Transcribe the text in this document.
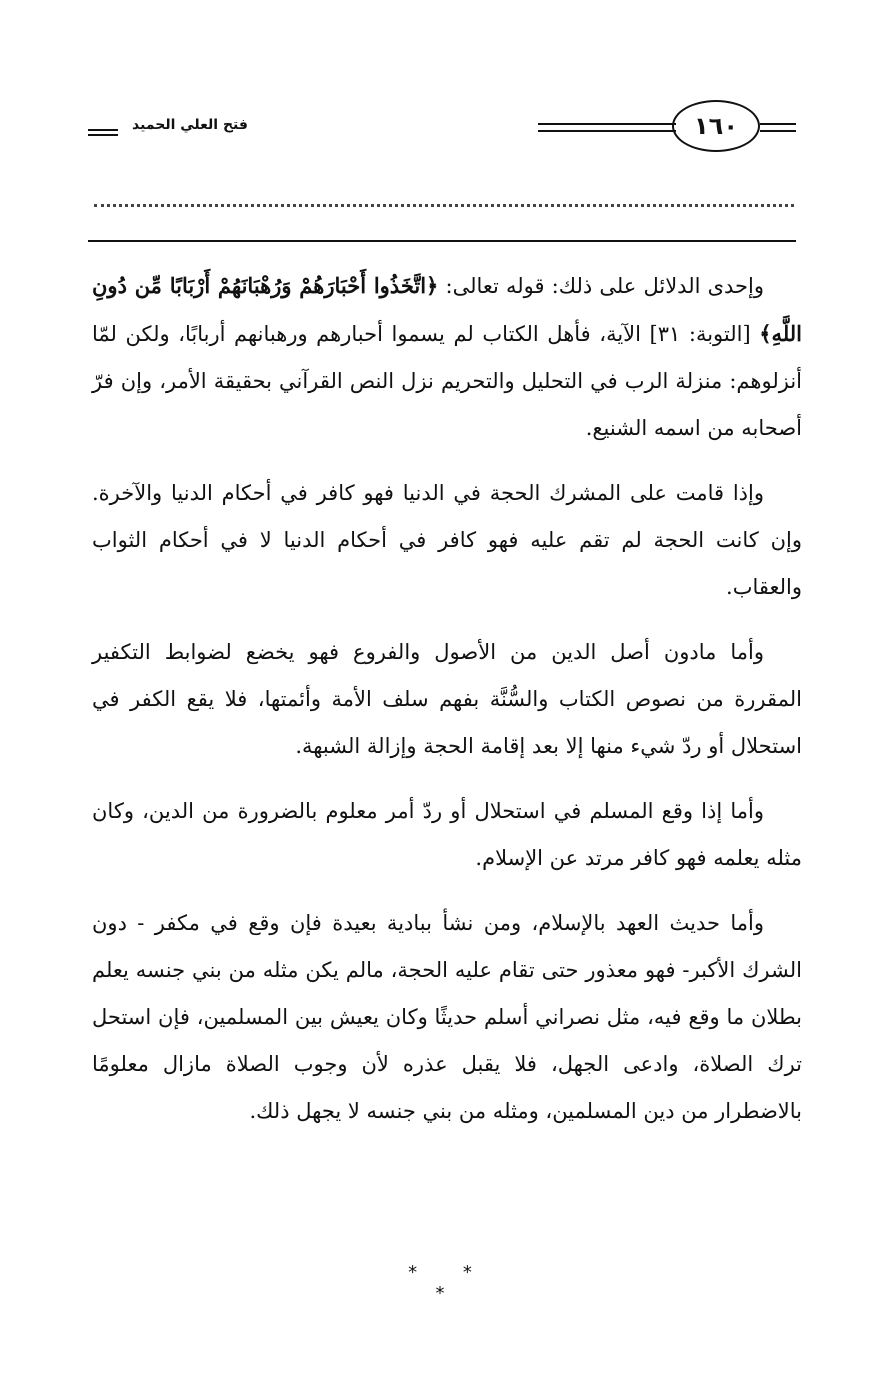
فتح العلي الحميد	١٦٠

وإحدى الدلائل على ذلك: قوله تعالى: ﴿اتَّخَذُوا أَحْبَارَهُمْ وَرُهْبَانَهُمْ أَرْبَابًا مِّن دُونِ اللَّهِ﴾ [التوبة: ٣١] الآية، فأهل الكتاب لم يسموا أحبارهم ورهبانهم أربابًا، ولكن لمّا أنزلوهم: منزلة الرب في التحليل والتحريم نزل النص القرآني بحقيقة الأمر، وإن فرّ أصحابه من اسمه الشنيع.

وإذا قامت على المشرك الحجة في الدنيا فهو كافر في أحكام الدنيا والآخرة. وإن كانت الحجة لم تقم عليه فهو كافر في أحكام الدنيا لا في أحكام الثواب والعقاب.

وأما مادون أصل الدين من الأصول والفروع فهو يخضع لضوابط التكفير المقررة من نصوص الكتاب والسُّنَّة بفهم سلف الأمة وأئمتها، فلا يقع الكفر في استحلال أو ردّ شيء منها إلا بعد إقامة الحجة وإزالة الشبهة.

وأما إذا وقع المسلم في استحلال أو ردّ أمر معلوم بالضرورة من الدين، وكان مثله يعلمه فهو كافر مرتد عن الإسلام.

وأما حديث العهد بالإسلام، ومن نشأ ببادية بعيدة فإن وقع في مكفر - دون الشرك الأكبر- فهو معذور حتى تقام عليه الحجة، مالم يكن مثله من بني جنسه يعلم بطلان ما وقع فيه، مثل نصراني أسلم حديثًا وكان يعيش بين المسلمين، فإن استحل ترك الصلاة، وادعى الجهل، فلا يقبل عذره لأن وجوب الصلاة مازال معلومًا بالاضطرار من دين المسلمين، ومثله من بني جنسه لا يجهل ذلك.

* * *
